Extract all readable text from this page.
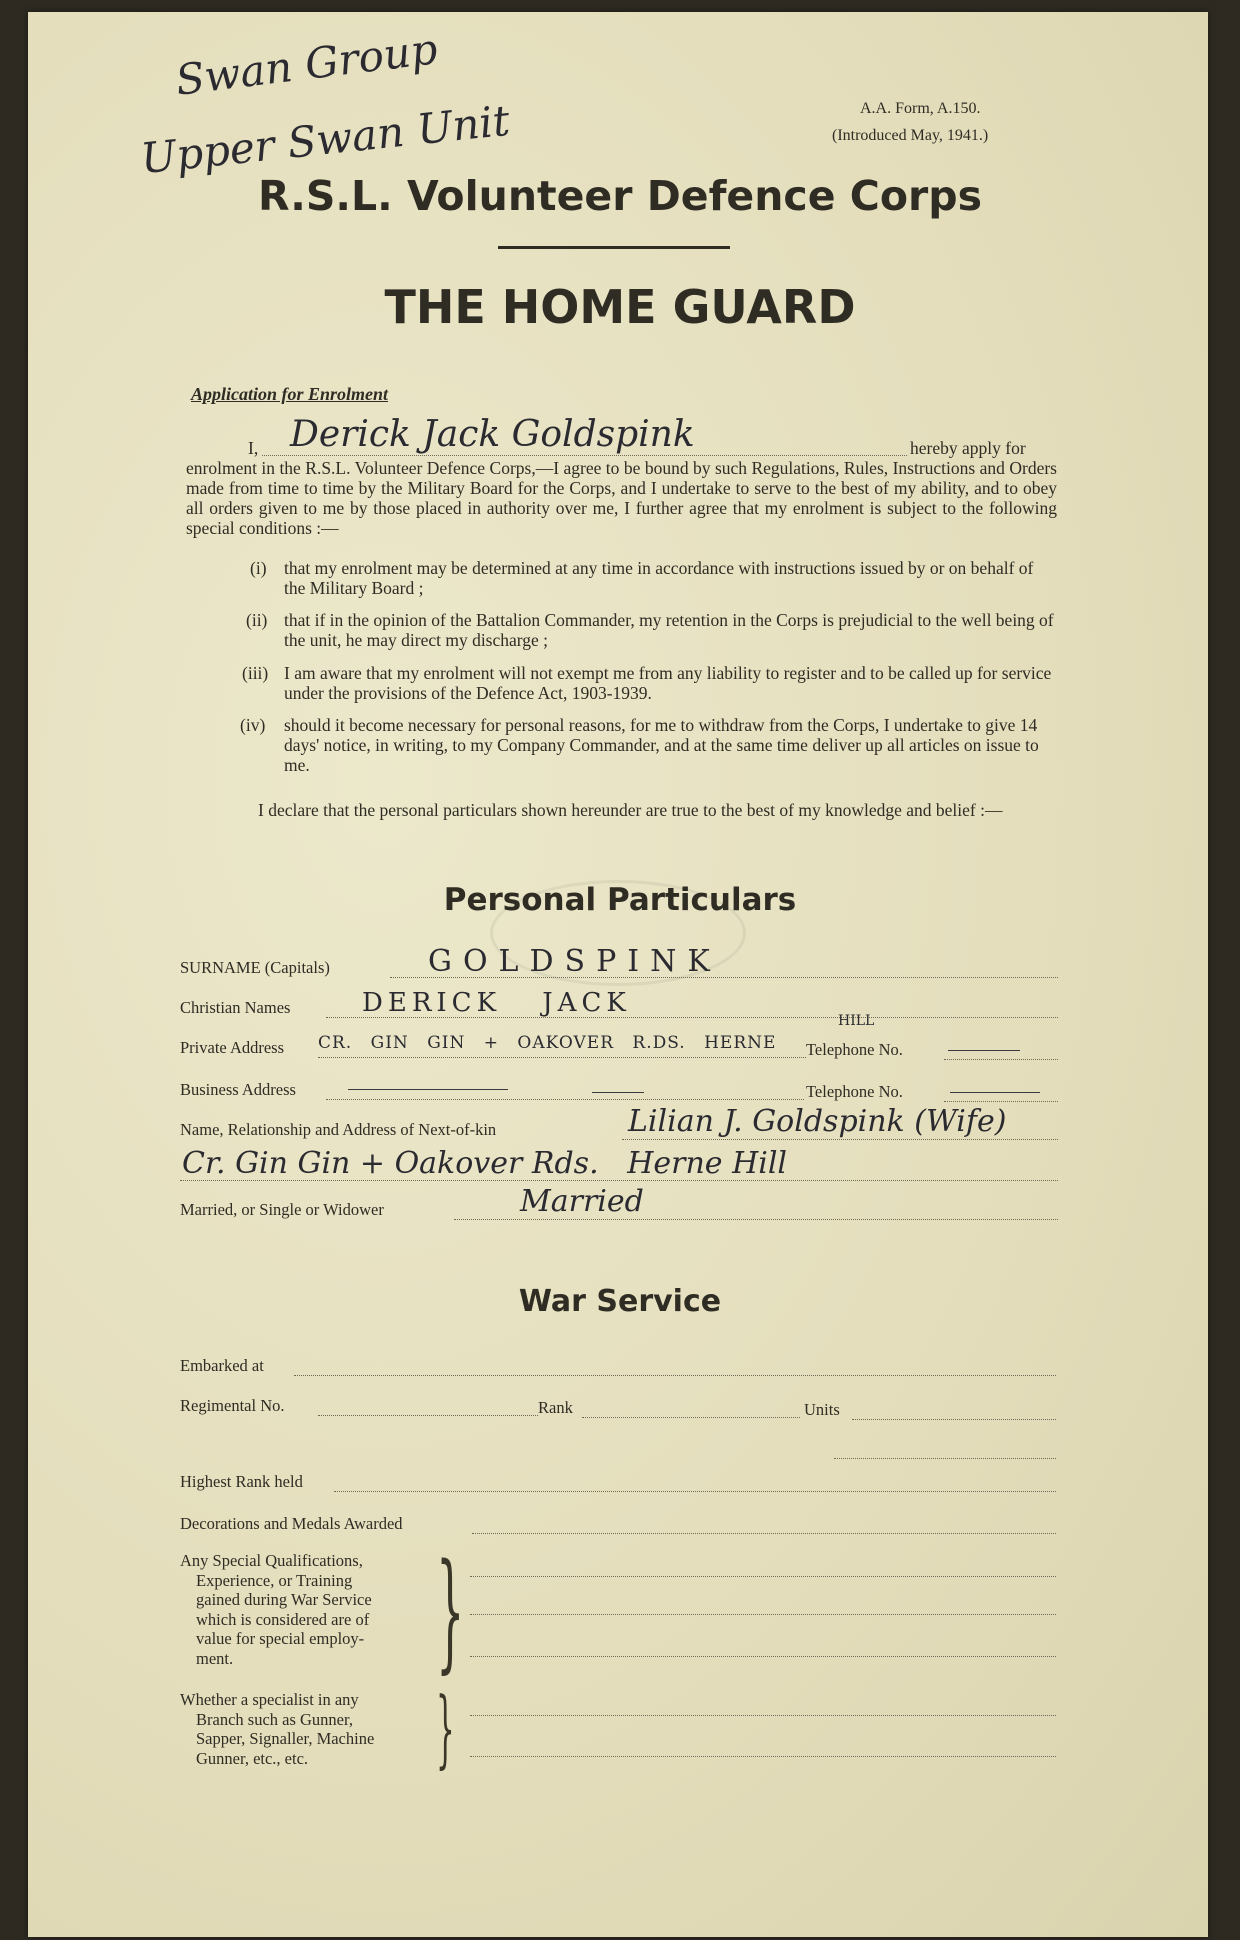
Swan Group
Upper Swan Unit	A.A. Form, A.150.
(Introduced May, 1941.)
R.S.L. Volunteer Defence Corps
THE HOME GUARD
Application for Enrolment
I, Derick Jack Goldspink	hereby apply for
enrolment in the R.S.L. Volunteer Defence Corps,—I agree to be bound by such Regulations, Rules, Instructions and Orders made from time to time by the Military Board for the Corps, and I undertake to serve to the best of my ability, and to obey all orders given to me by those placed in authority over me, I further agree that my enrolment is subject to the following special conditions :—
(i) that my enrolment may be determined at any time in accordance with instructions issued by or on behalf of the Military Board ;
(ii) that if in the opinion of the Battalion Commander, my retention in the Corps is prejudicial to the well being of the unit, he may direct my discharge ;
(iii) I am aware that my enrolment will not exempt me from any liability to register and to be called up for service under the provisions of the Defence Act, 1903-1939.
(iv) should it become necessary for personal reasons, for me to withdraw from the Corps, I undertake to give 14 days' notice, in writing, to my Company Commander, and at the same time deliver up all articles on issue to me.
I declare that the personal particulars shown hereunder are true to the best of my knowledge and belief :—
Personal Particulars
SURNAME (Capitals)	GOLDSPINK
Christian Names	DERICK JACK
Private Address CR. GIN GIN + OAKOVER R.DS. HERNE
HILL
Telephone No.
Business Address	Telephone No.
Name, Relationship and Address of Next-of-kin	Lilian J. Goldspink (Wife)
Cr. Gin Gin + Oakover Rds.   Herne Hill
Married, or Single or Widower	Married
War Service
Embarked at
Regimental No.	Rank	Units
Highest Rank held
Decorations and Medals Awarded
Any Special Qualifications,
Experience, or Training
gained during War Service
which is considered are of
value for special employ-
ment.	}
Whether a specialist in any
Branch such as Gunner,
Sapper, Signaller, Machine
Gunner, etc., etc.	}
